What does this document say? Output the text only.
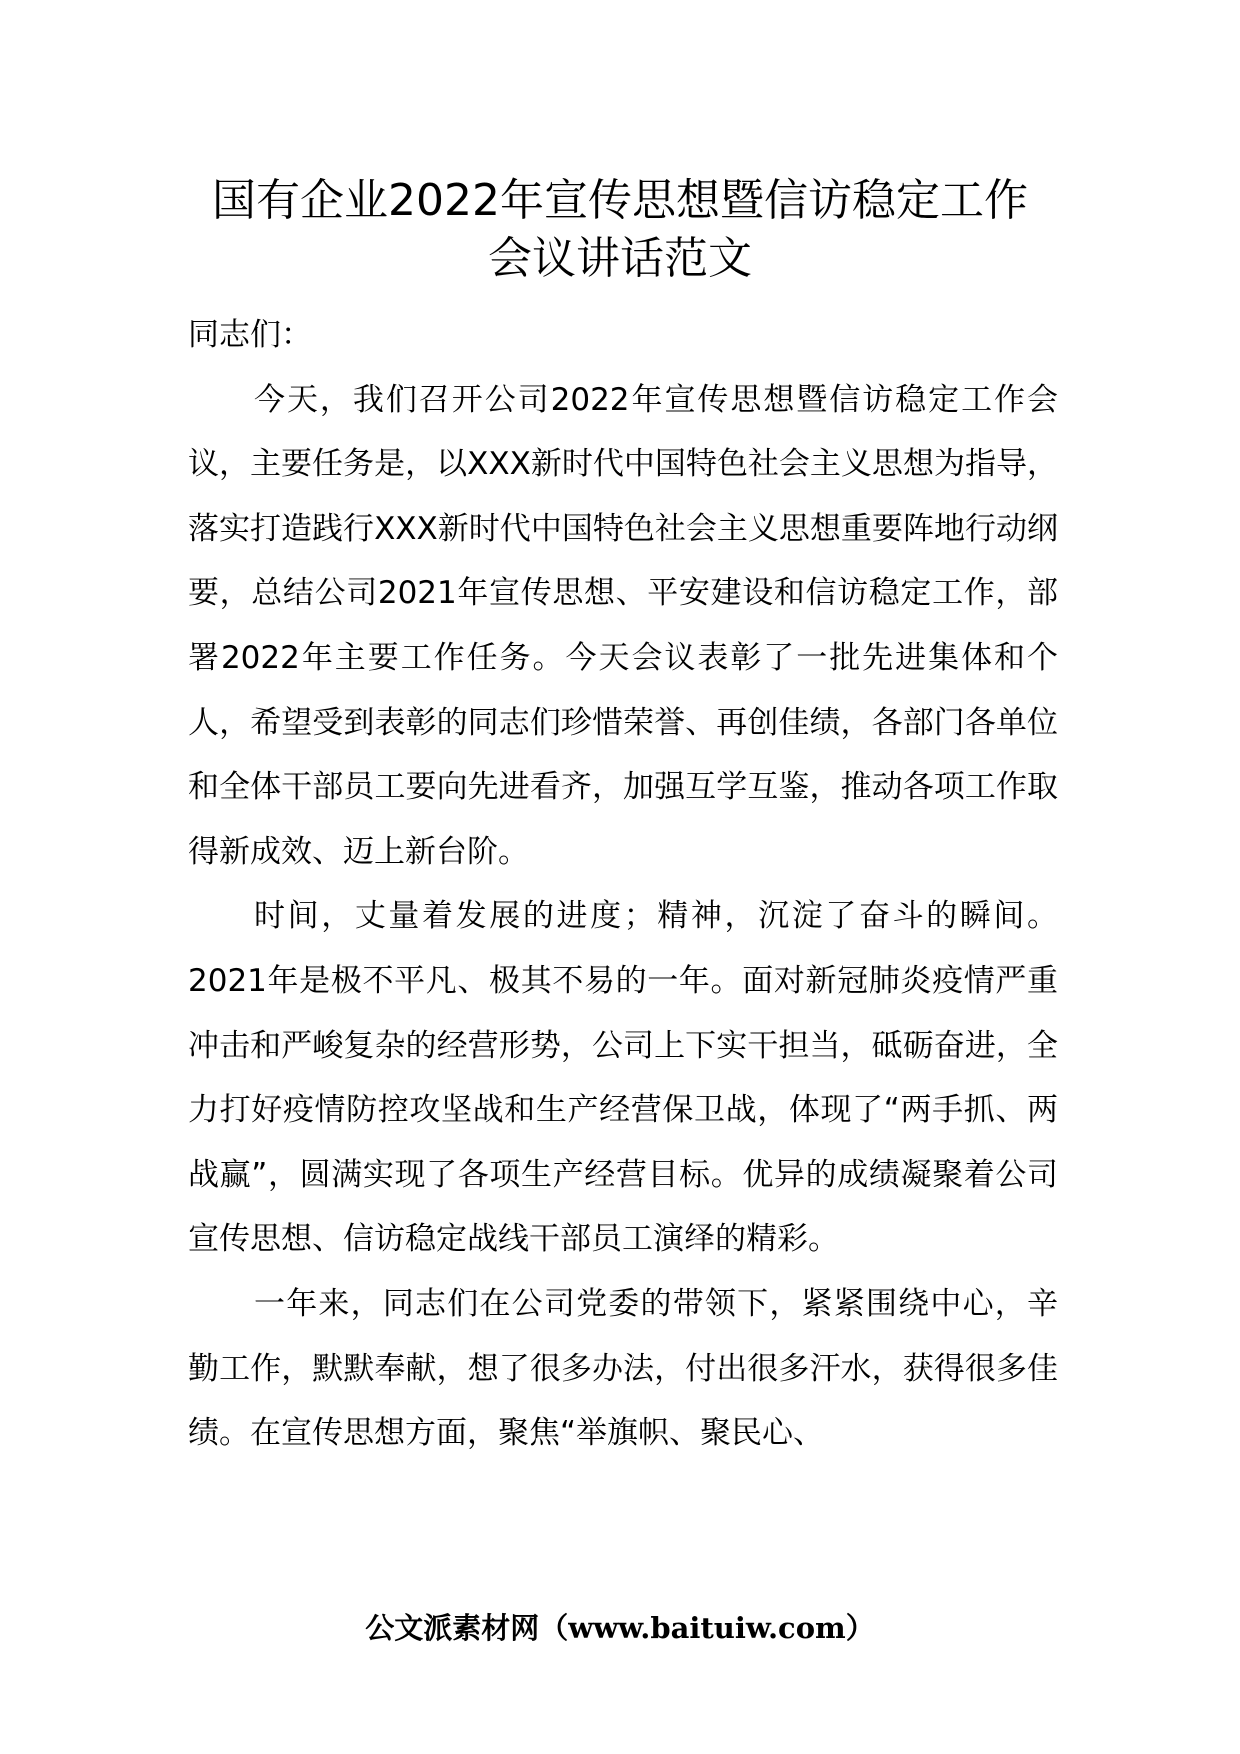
国有企业2022年宣传思想暨信访稳定工作
会议讲话范文

同志们：

今天，我们召开公司2022年宣传思想暨信访稳定工作会议，主要任务是，以XXX新时代中国特色社会主义思想为指导，落实打造践行XXX新时代中国特色社会主义思想重要阵地行动纲要，总结公司2021年宣传思想、平安建设和信访稳定工作，部署2022年主要工作任务。今天会议表彰了一批先进集体和个人，希望受到表彰的同志们珍惜荣誉、再创佳绩，各部门各单位和全体干部员工要向先进看齐，加强互学互鉴，推动各项工作取得新成效、迈上新台阶。

时间，丈量着发展的进度；精神，沉淀了奋斗的瞬间。2021年是极不平凡、极其不易的一年。面对新冠肺炎疫情严重冲击和严峻复杂的经营形势，公司上下实干担当，砥砺奋进，全力打好疫情防控攻坚战和生产经营保卫战，体现了“两手抓、两战赢”，圆满实现了各项生产经营目标。优异的成绩凝聚着公司宣传思想、信访稳定战线干部员工演绎的精彩。

一年来，同志们在公司党委的带领下，紧紧围绕中心，辛勤工作，默默奉献，想了很多办法，付出很多汗水，获得很多佳绩。在宣传思想方面，聚焦“举旗帜、聚民心、

公文派素材网（www.baituiw.com）
